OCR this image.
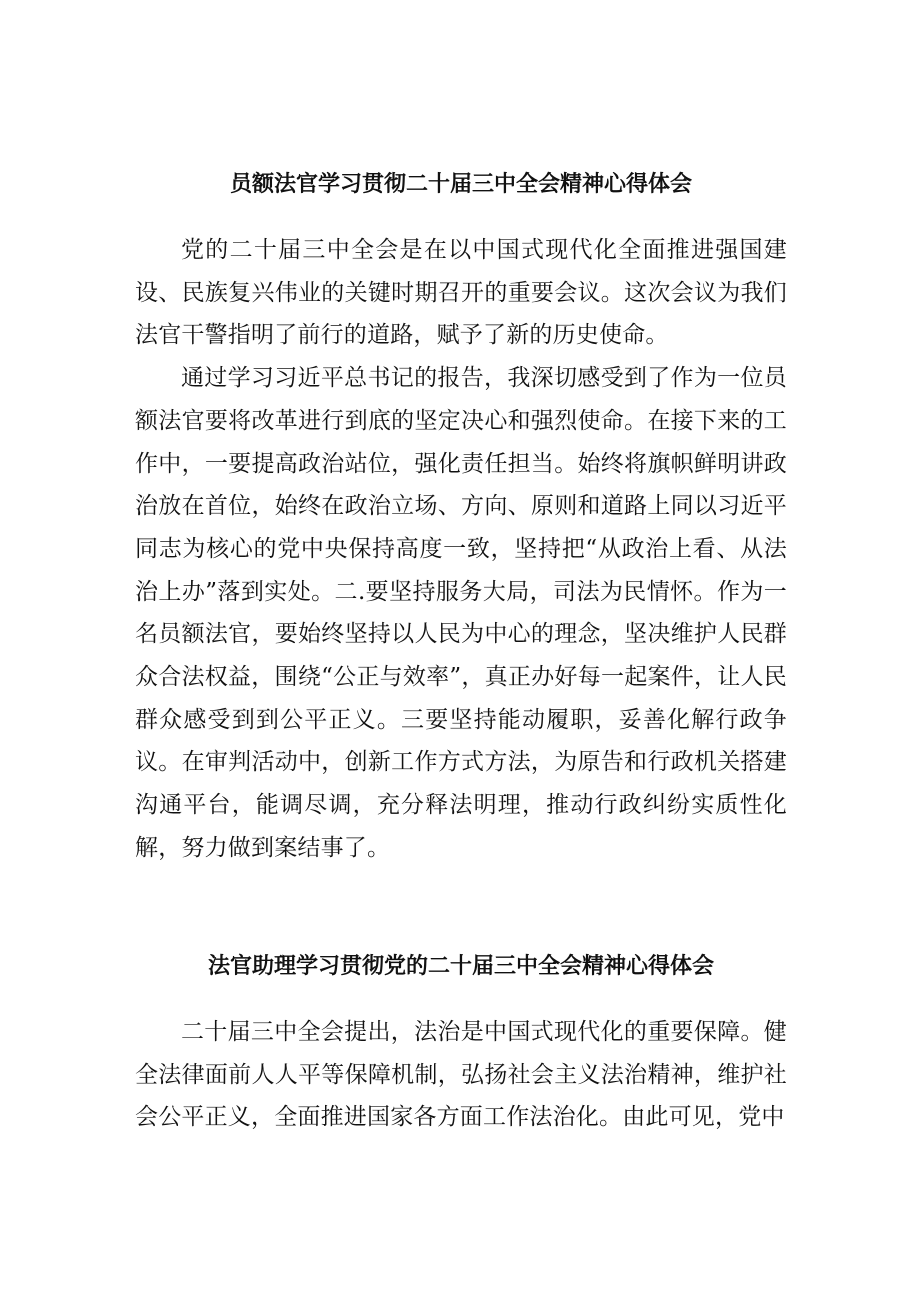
员额法官学习贯彻二十届三中全会精神心得体会

党的二十届三中全会是在以中国式现代化全面推进强国建设、民族复兴伟业的关键时期召开的重要会议。这次会议为我们法官干警指明了前行的道路，赋予了新的历史使命。

通过学习习近平总书记的报告，我深切感受到了作为一位员额法官要将改革进行到底的坚定决心和强烈使命。在接下来的工作中，一要提高政治站位，强化责任担当。始终将旗帜鲜明讲政治放在首位，始终在政治立场、方向、原则和道路上同以习近平同志为核心的党中央保持高度一致，坚持把“从政治上看、从法治上办”落到实处。二.要坚持服务大局，司法为民情怀。作为一名员额法官，要始终坚持以人民为中心的理念，坚决维护人民群众合法权益，围绕“公正与效率”，真正办好每一起案件，让人民群众感受到到公平正义。三要坚持能动履职，妥善化解行政争议。在审判活动中，创新工作方式方法，为原告和行政机关搭建沟通平台，能调尽调，充分释法明理，推动行政纠纷实质性化解，努力做到案结事了。

法官助理学习贯彻党的二十届三中全会精神心得体会

二十届三中全会提出，法治是中国式现代化的重要保障。健全法律面前人人平等保障机制，弘扬社会主义法治精神，维护社会公平正义，全面推进国家各方面工作法治化。由此可见，党中
